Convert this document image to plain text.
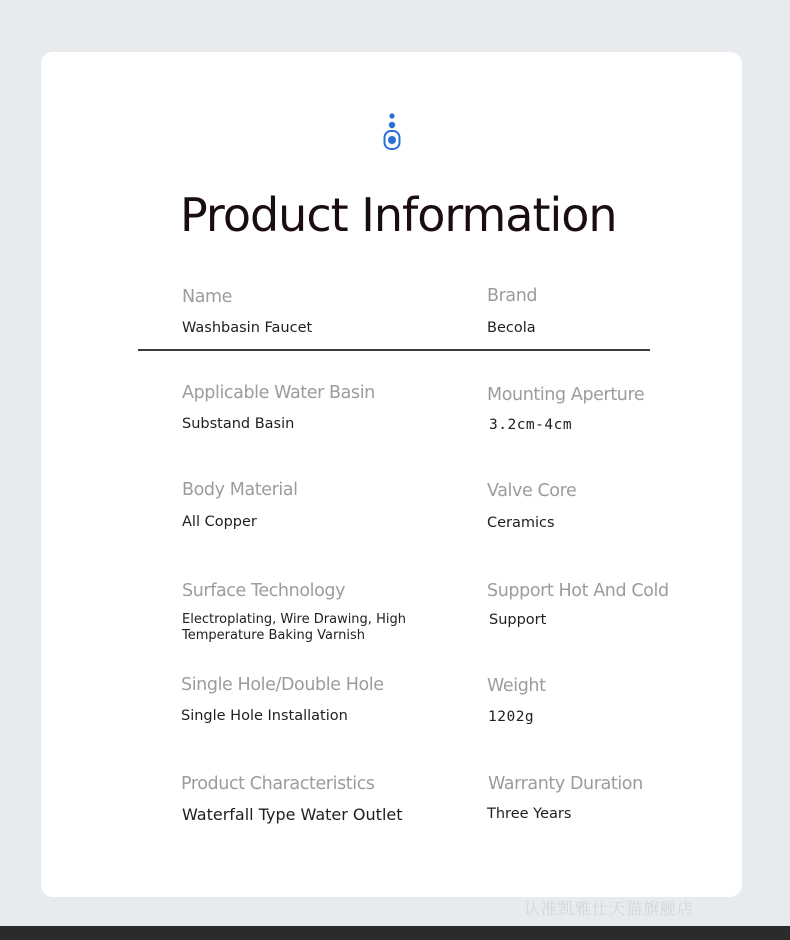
Product Information
Name
Washbasin Faucet
Brand
Becola
Applicable Water Basin
Substand Basin
Mounting Aperture
3.2cm-4cm
Body Material
All Copper
Valve Core
Ceramics
Surface Technology
Electroplating, Wire Drawing, High Temperature Baking Varnish
Support Hot And Cold
Support
Single Hole/Double Hole
Single Hole Installation
Weight
1202g
Product Characteristics
Waterfall Type Water Outlet
Warranty Duration
Three Years
认准凯雅仕天猫旗舰店
